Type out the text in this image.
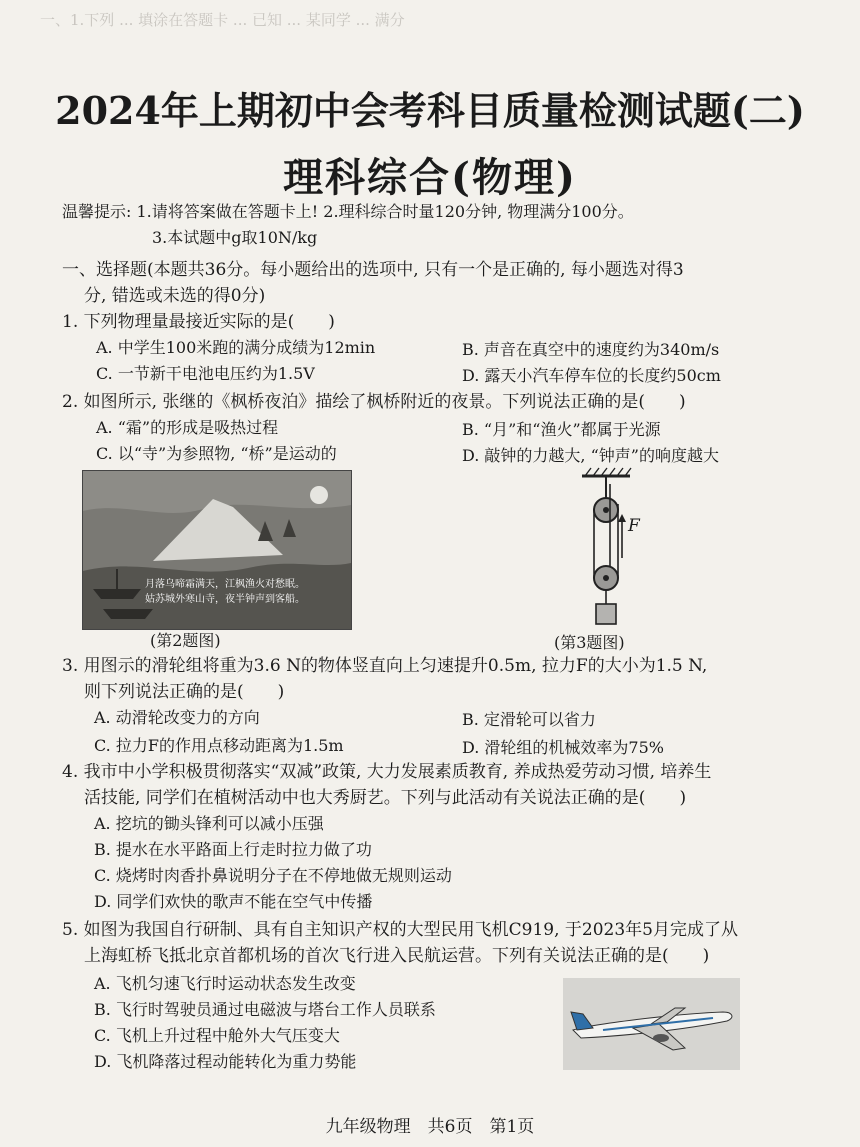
一、1.下列 ... 填涂在答题卡 ... 已知 ... 某同学 ... 满分
2024年上期初中会考科目质量检测试题(二)
理科综合(物理)
温馨提示: 1.请将答案做在答题卡上! 2.理科综合时量120分钟, 物理满分100分。
3.本试题中g取10N/kg
一、选择题(本题共36分。每小题给出的选项中, 只有一个是正确的, 每小题选对得3
分, 错选或未选的得0分)
1. 下列物理量最接近实际的是(　　)
A. 中学生100米跑的满分成绩为12min	B. 声音在真空中的速度约为340m/s
C. 一节新干电池电压约为1.5V	D. 露天小汽车停车位的长度约50cm
2. 如图所示, 张继的《枫桥夜泊》描绘了枫桥附近的夜景。下列说法正确的是(　　)
A. “霜”的形成是吸热过程	B. “月”和“渔火”都属于光源
C. 以“寺”为参照物, “桥”是运动的	D. 敲钟的力越大, “钟声”的响度越大
月落乌啼霜满天，江枫渔火对愁眠。
姑苏城外寒山寺，夜半钟声到客船。
(第2题图)
F
(第3题图)
3. 用图示的滑轮组将重为3.6 N的物体竖直向上匀速提升0.5m, 拉力F的大小为1.5 N,
则下列说法正确的是(　　)
A. 动滑轮改变力的方向	B. 定滑轮可以省力
C. 拉力F的作用点移动距离为1.5m	D. 滑轮组的机械效率为75%
4. 我市中小学积极贯彻落实“双减”政策, 大力发展素质教育, 养成热爱劳动习惯, 培养生
活技能, 同学们在植树活动中也大秀厨艺。下列与此活动有关说法正确的是(　　)
A. 挖坑的锄头锋利可以减小压强
B. 提水在水平路面上行走时拉力做了功
C. 烧烤时肉香扑鼻说明分子在不停地做无规则运动
D. 同学们欢快的歌声不能在空气中传播
5. 如图为我国自行研制、具有自主知识产权的大型民用飞机C919, 于2023年5月完成了从
上海虹桥飞抵北京首都机场的首次飞行进入民航运营。下列有关说法正确的是(　　)
A. 飞机匀速飞行时运动状态发生改变
B. 飞行时驾驶员通过电磁波与塔台工作人员联系
C. 飞机上升过程中舱外大气压变大
D. 飞机降落过程动能转化为重力势能
九年级物理　共6页　第1页
